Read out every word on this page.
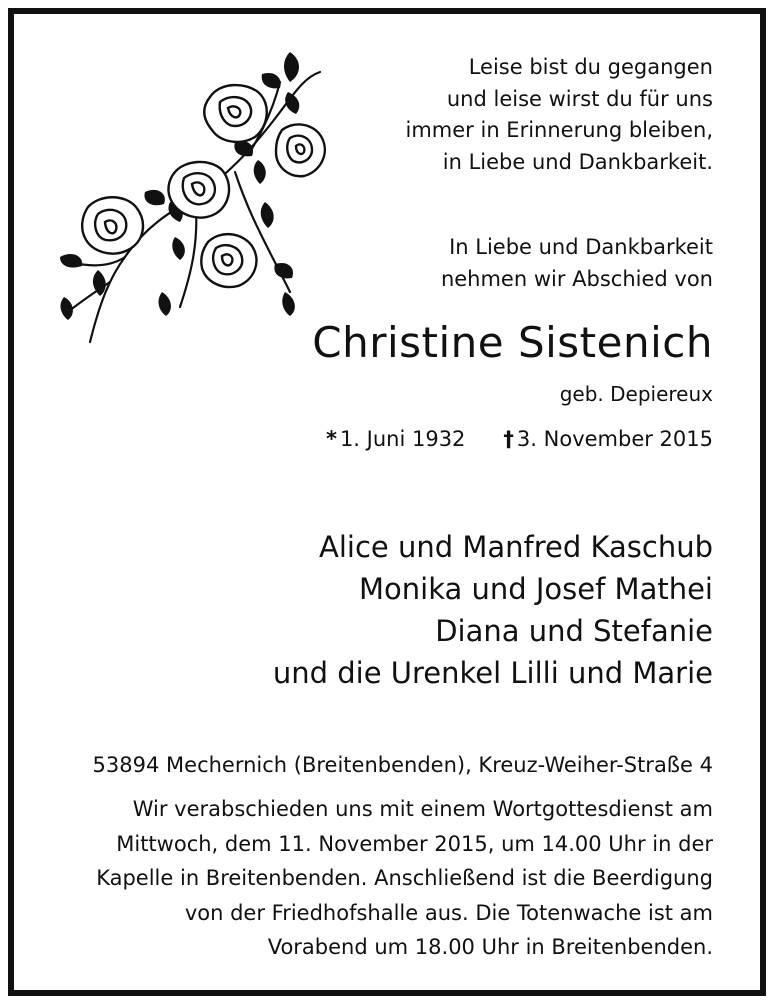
Leise bist du gegangen
und leise wirst du für uns
immer in Erinnerung bleiben,
in Liebe und Dankbarkeit.
In Liebe und Dankbarkeit
nehmen wir Abschied von
Christine Sistenich
geb. Depiereux
* 1. Juni 1932 † 3. November 2015
Alice und Manfred Kaschub
Monika und Josef Mathei
Diana und Stefanie
und die Urenkel Lilli und Marie
53894 Mechernich (Breitenbenden), Kreuz-Weiher-Straße 4
Wir verabschieden uns mit einem Wortgottesdienst am
Mittwoch, dem 11. November 2015, um 14.00 Uhr in der
Kapelle in Breitenbenden. Anschließend ist die Beerdigung
von der Friedhofshalle aus. Die Totenwache ist am
Vorabend um 18.00 Uhr in Breitenbenden.
